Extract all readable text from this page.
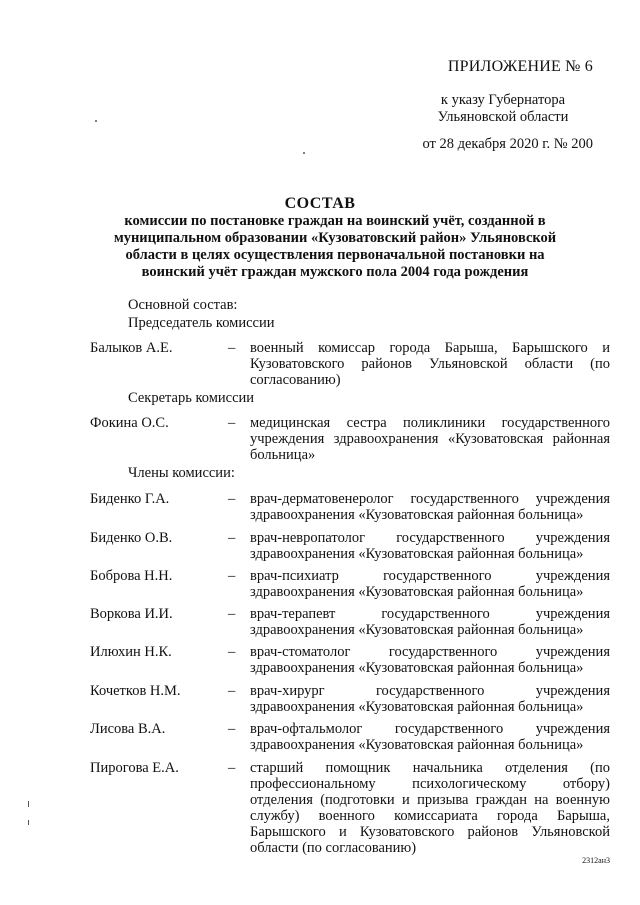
ПРИЛОЖЕНИЕ № 6
к указу Губернатора
Ульяновской области
от 28 декабря 2020 г. № 200
СОСТАВ
комиссии по постановке граждан на воинский учёт, созданной в муниципальном образовании «Кузоватовский район» Ульяновской области в целях осуществления первоначальной постановки на воинский учёт граждан мужского пола 2004 года рождения
Основной состав:
Председатель комиссии
Балыков А.Е.	– военный комиссар города Барыша, Барышского и Кузоватовского районов Ульяновской области (по согласованию)
Секретарь комиссии
Фокина О.С.	– медицинская сестра поликлиники государственного учреждения здравоохранения «Кузоватовская районная больница»
Члены комиссии:
Биденко Г.А.	– врач-дерматовенеролог государственного учреждения здравоохранения «Кузоватовская районная больница»
Биденко О.В.	– врач-невропатолог государственного учреждения здравоохранения «Кузоватовская районная больница»
Боброва Н.Н.	– врач-психиатр государственного учреждения здравоохранения «Кузоватовская районная больница»
Воркова И.И.	– врач-терапевт государственного учреждения здравоохранения «Кузоватовская районная больница»
Илюхин Н.К.	– врач-стоматолог государственного учреждения здравоохранения «Кузоватовская районная больница»
Кочетков Н.М.	– врач-хирург государственного учреждения здравоохранения «Кузоватовская районная больница»
Лисова В.А.	– врач-офтальмолог государственного учреждения здравоохранения «Кузоватовская районная больница»
Пирогова Е.А.	– старший помощник начальника отделения (по профессиональному психологическому отбору) отделения (подготовки и призыва граждан на военную службу) военного комиссариата города Барыша, Барышского и Кузоватовского районов Ульяновской области (по согласованию)
2312ан3
